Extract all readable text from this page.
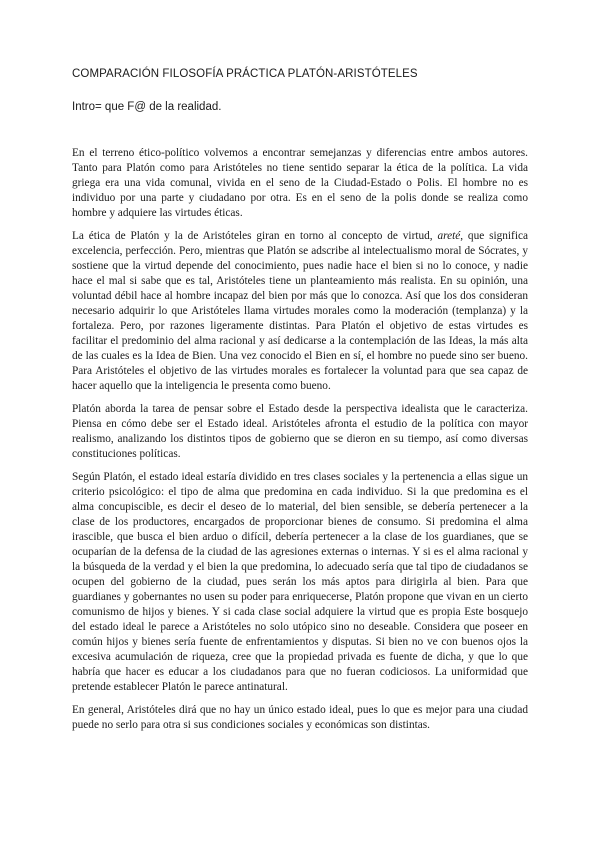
COMPARACIÓN FILOSOFÍA PRÁCTICA PLATÓN-ARISTÓTELES

Intro= que F@ de la realidad.

En el terreno ético-político volvemos a encontrar semejanzas y diferencias entre ambos autores. Tanto para Platón como para Aristóteles no tiene sentido separar la ética de la política. La vida griega era una vida comunal, vivida en el seno de la Ciudad-Estado o Polis. El hombre no es individuo por una parte y ciudadano por otra. Es en el seno de la polis donde se realiza como hombre y adquiere las virtudes éticas.

La ética de Platón y la de Aristóteles giran en torno al concepto de virtud, areté, que significa excelencia, perfección. Pero, mientras que Platón se adscribe al intelectualismo moral de Sócrates, y sostiene que la virtud depende del conocimiento, pues nadie hace el bien si no lo conoce, y nadie hace el mal si sabe que es tal, Aristóteles tiene un planteamiento más realista. En su opinión, una voluntad débil hace al hombre incapaz del bien por más que lo conozca. Así que los dos consideran necesario adquirir lo que Aristóteles llama virtudes morales como la moderación (templanza) y la fortaleza. Pero, por razones ligeramente distintas. Para Platón el objetivo de estas virtudes es facilitar el predominio del alma racional y así dedicarse a la contemplación de las Ideas, la más alta de las cuales es la Idea de Bien. Una vez conocido el Bien en sí, el hombre no puede sino ser bueno. Para Aristóteles el objetivo de las virtudes morales es fortalecer la voluntad para que sea capaz de hacer aquello que la inteligencia le presenta como bueno.

Platón aborda la tarea de pensar sobre el Estado desde la perspectiva idealista que le caracteriza. Piensa en cómo debe ser el Estado ideal. Aristóteles afronta el estudio de la política con mayor realismo, analizando los distintos tipos de gobierno que se dieron en su tiempo, así como diversas constituciones políticas.

Según Platón, el estado ideal estaría dividido en tres clases sociales y la pertenencia a ellas sigue un criterio psicológico: el tipo de alma que predomina en cada individuo. Si la que predomina es el alma concupiscible, es decir el deseo de lo material, del bien sensible, se debería pertenecer a la clase de los productores, encargados de proporcionar bienes de consumo. Si predomina el alma irascible, que busca el bien arduo o difícil, debería pertenecer a la clase de los guardianes, que se ocuparían de la defensa de la ciudad de las agresiones externas o internas. Y si es el alma racional y la búsqueda de la verdad y el bien la que predomina, lo adecuado sería que tal tipo de ciudadanos se ocupen del gobierno de la ciudad, pues serán los más aptos para dirigirla al bien. Para que guardianes y gobernantes no usen su poder para enriquecerse, Platón propone que vivan en un cierto comunismo de hijos y bienes. Y si cada clase social adquiere la virtud que es propia Este bosquejo del estado ideal le parece a Aristóteles no solo utópico sino no deseable. Considera que poseer en común hijos y bienes sería fuente de enfrentamientos y disputas. Si bien no ve con buenos ojos la excesiva acumulación de riqueza, cree que la propiedad privada es fuente de dicha, y que lo que habría que hacer es educar a los ciudadanos para que no fueran codiciosos. La uniformidad que pretende establecer Platón le parece antinatural.

En general, Aristóteles dirá que no hay un único estado ideal, pues lo que es mejor para una ciudad puede no serlo para otra si sus condiciones sociales y económicas son distintas.
